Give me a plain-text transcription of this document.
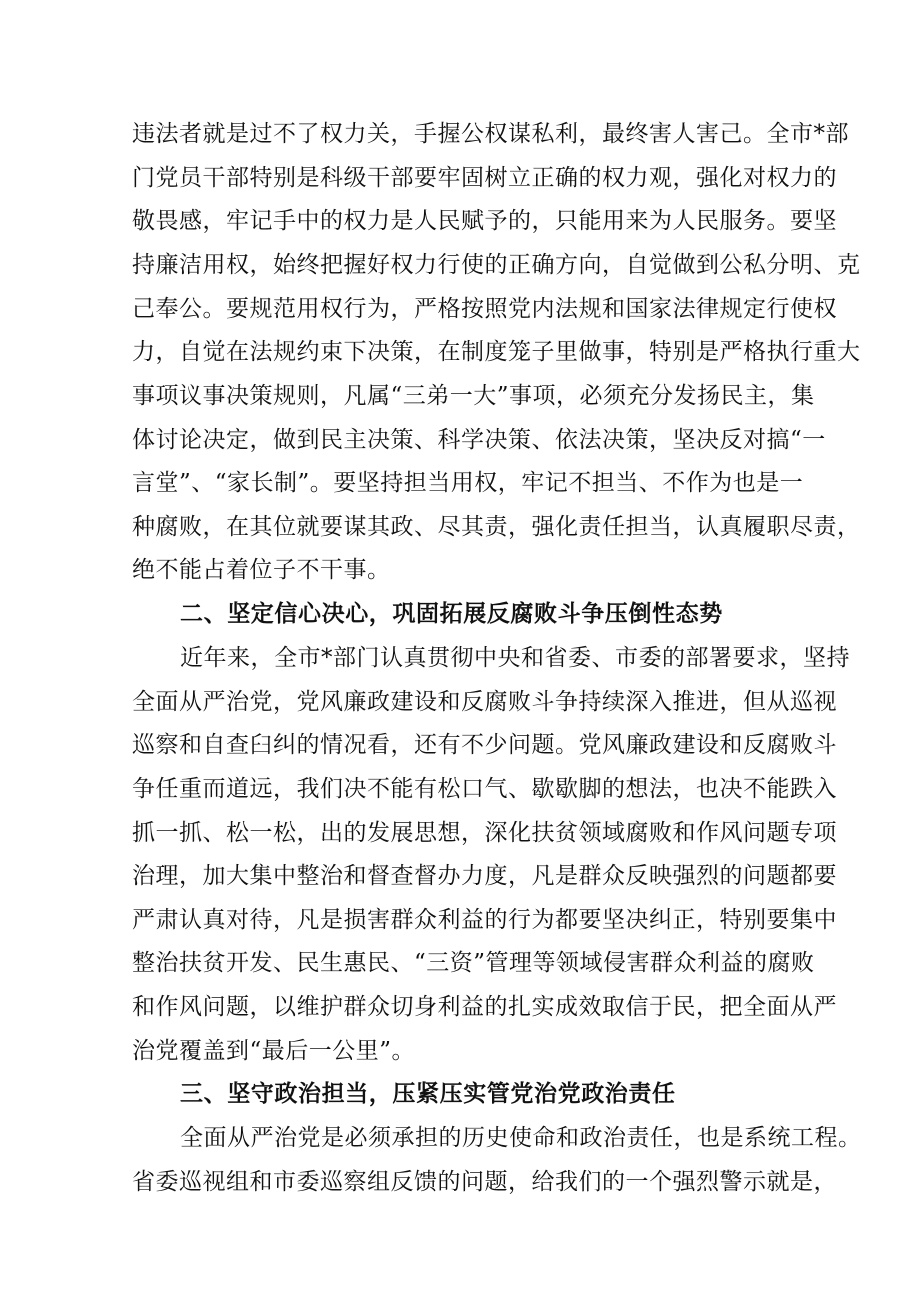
违法者就是过不了权力关，手握公权谋私利，最终害人害己。全市*部
门党员干部特别是科级干部要牢固树立正确的权力观，强化对权力的
敬畏感，牢记手中的权力是人民赋予的，只能用来为人民服务。要坚
持廉洁用权，始终把握好权力行使的正确方向，自觉做到公私分明、克
己奉公。要规范用权行为，严格按照党内法规和国家法律规定行使权
力，自觉在法规约束下决策，在制度笼子里做事，特别是严格执行重大
事项议事决策规则，凡属“三弟一大”事项，必须充分发扬民主，集
体讨论决定，做到民主决策、科学决策、依法决策，坚决反对搞“一
言堂”、“家长制”。要坚持担当用权，牢记不担当、不作为也是一
种腐败，在其位就要谋其政、尽其责，强化责任担当，认真履职尽责，
绝不能占着位子不干事。
二、坚定信心决心，巩固拓展反腐败斗争压倒性态势
近年来，全市*部门认真贯彻中央和省委、市委的部署要求，坚持
全面从严治党，党风廉政建设和反腐败斗争持续深入推进，但从巡视
巡察和自查臼纠的情况看，还有不少问题。党风廉政建设和反腐败斗
争任重而道远，我们决不能有松口气、歇歇脚的想法，也决不能跌入
抓一抓、松一松，出的发展思想，深化扶贫领域腐败和作风问题专项
治理，加大集中整治和督查督办力度，凡是群众反映强烈的问题都要
严肃认真对待，凡是损害群众利益的行为都要坚决纠正，特别要集中
整治扶贫开发、民生惠民、“三资”管理等领域侵害群众利益的腐败
和作风问题，以维护群众切身利益的扎实成效取信于民，把全面从严
治党覆盖到“最后一公里”。
三、坚守政治担当，压紧压实管党治党政治责任
全面从严治党是必须承担的历史使命和政治责任，也是系统工程。
省委巡视组和市委巡察组反馈的问题，给我们的一个强烈警示就是，
